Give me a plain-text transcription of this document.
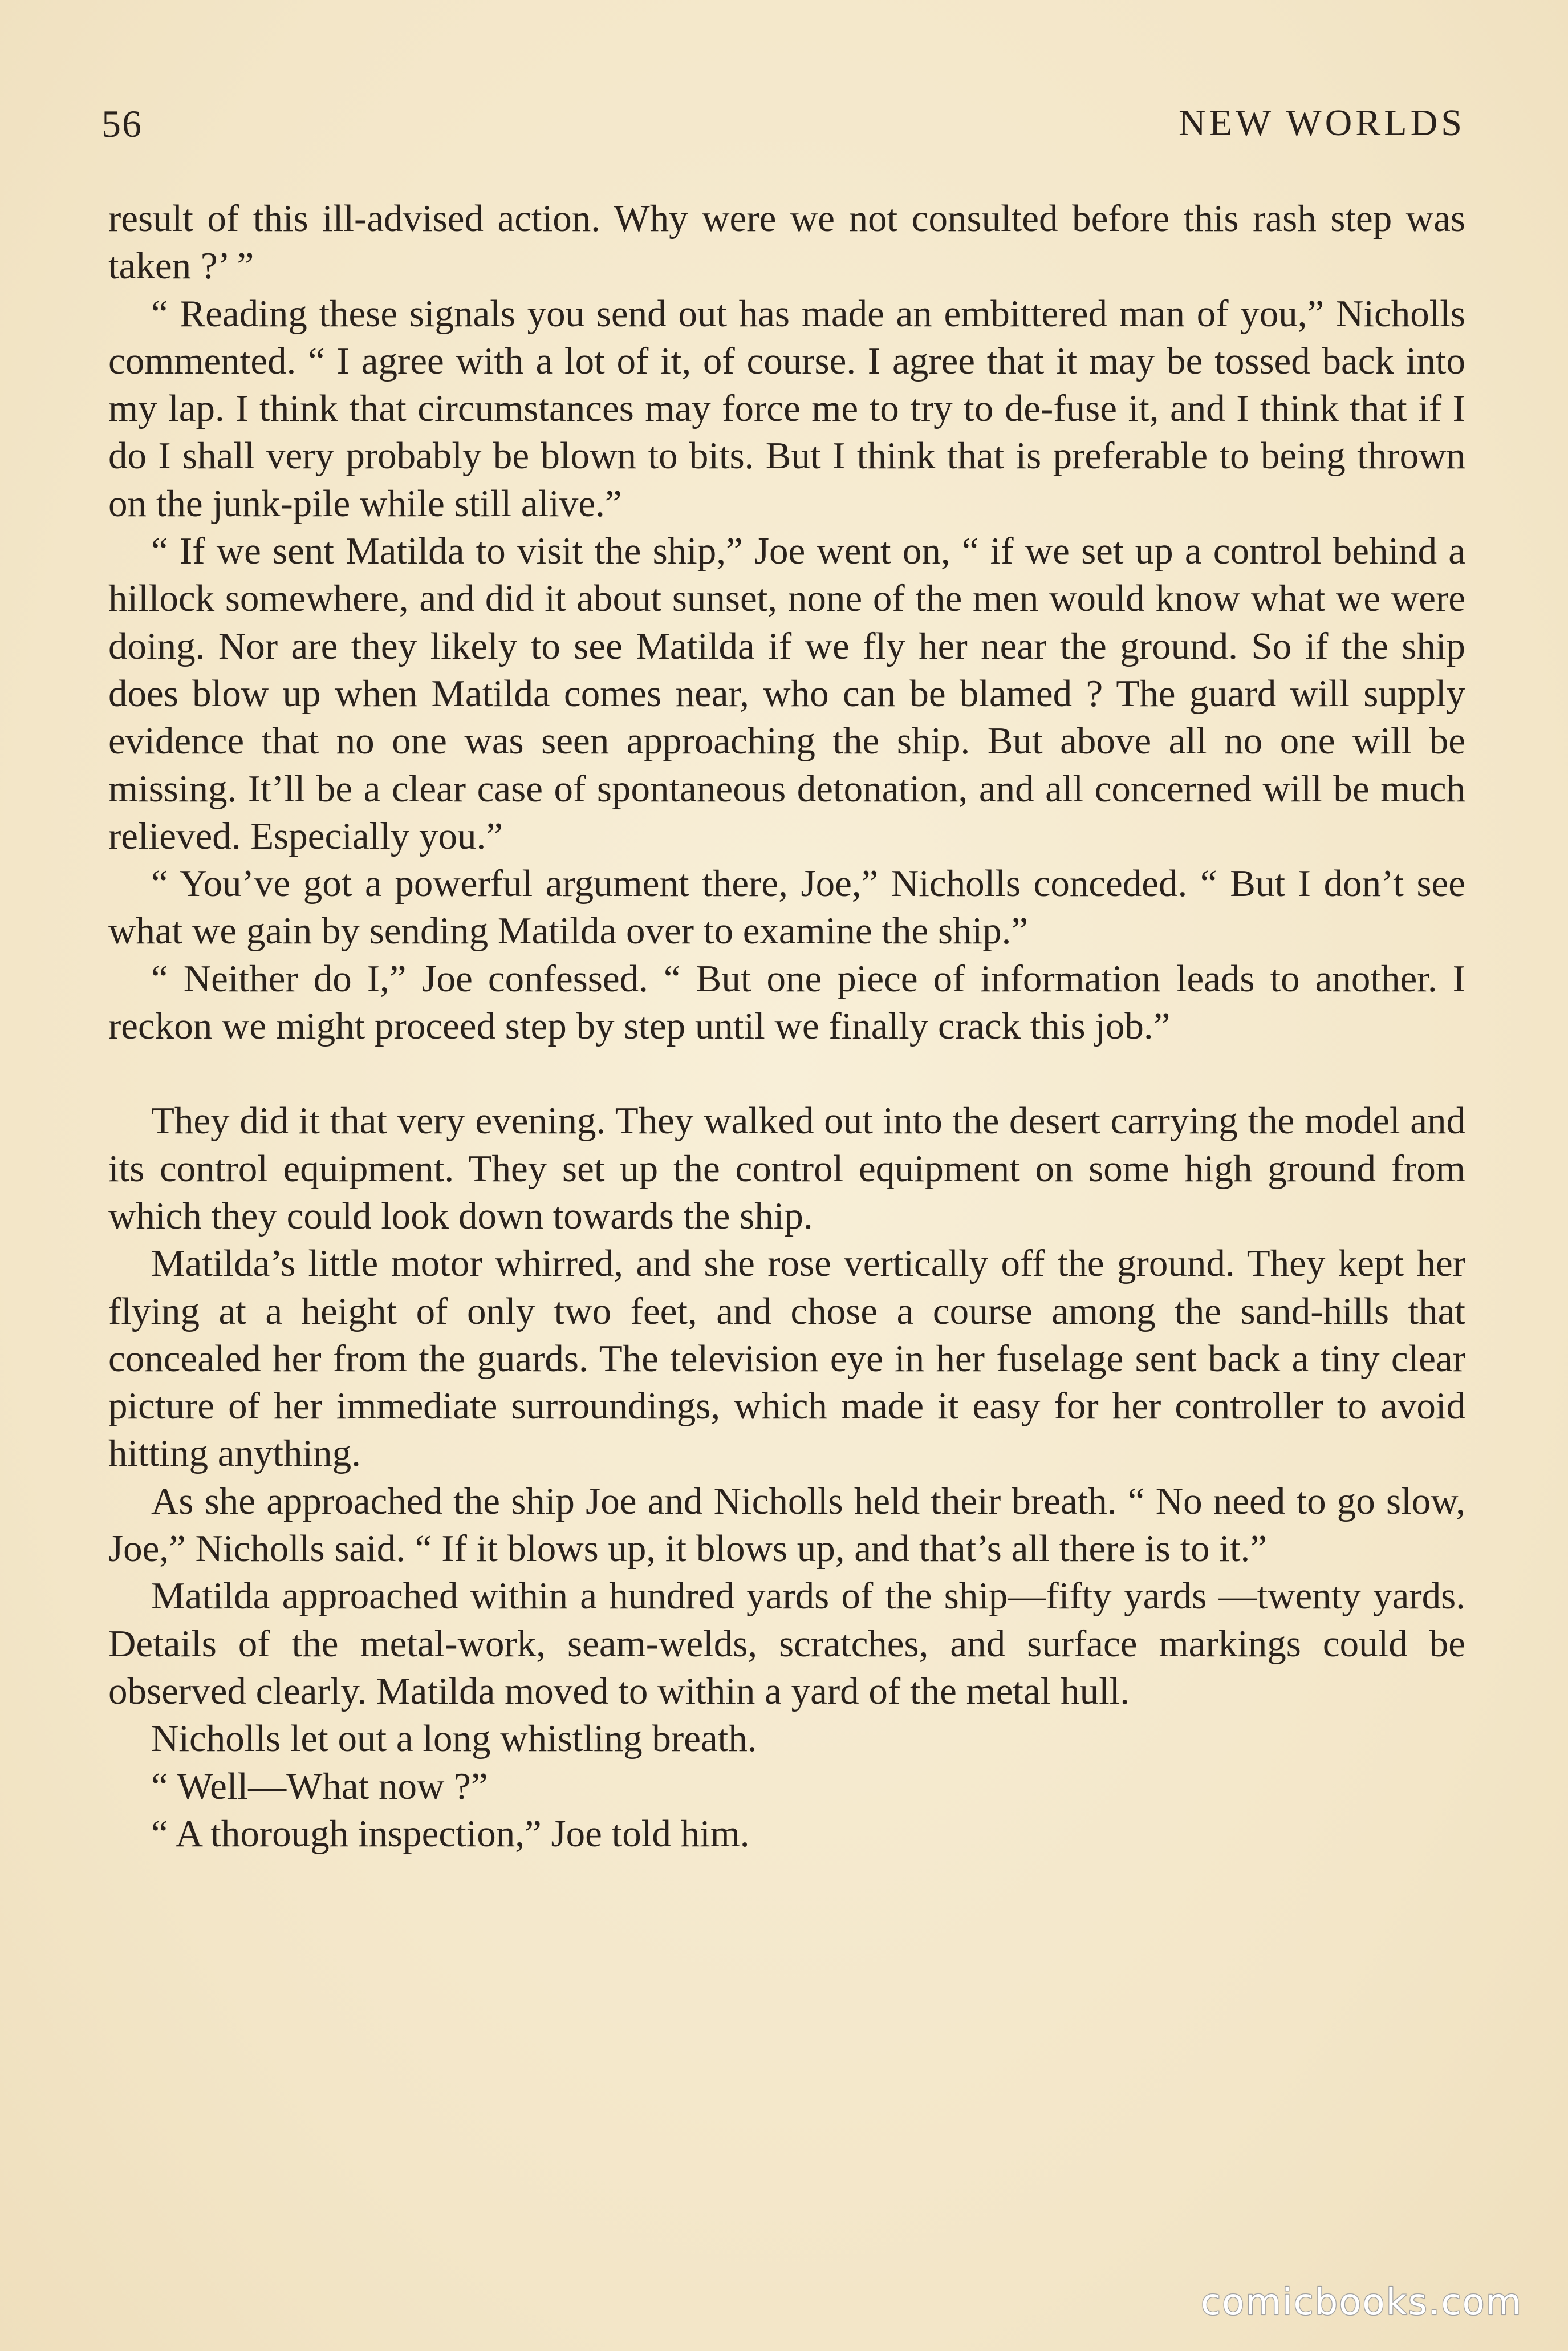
56	NEW WORLDS

result of this ill-advised action. Why were we not consulted before this rash step was taken ?’ ”

“ Reading these signals you send out has made an embittered man of you,” Nicholls commented. “ I agree with a lot of it, of course. I agree that it may be tossed back into my lap. I think that circumstances may force me to try to de-fuse it, and I think that if I do I shall very probably be blown to bits. But I think that is preferable to being thrown on the junk-pile while still alive.”

“ If we sent Matilda to visit the ship,” Joe went on, “ if we set up a control behind a hillock somewhere, and did it about sunset, none of the men would know what we were doing. Nor are they likely to see Matilda if we fly her near the ground. So if the ship does blow up when Matilda comes near, who can be blamed ? The guard will supply evidence that no one was seen approaching the ship. But above all no one will be missing. It’ll be a clear case of spontaneous detonation, and all concerned will be much relieved. Especially you.”

“ You’ve got a powerful argument there, Joe,” Nicholls conceded. “ But I don’t see what we gain by sending Matilda over to examine the ship.”

“ Neither do I,” Joe confessed. “ But one piece of information leads to another. I reckon we might proceed step by step until we finally crack this job.”

They did it that very evening. They walked out into the desert carrying the model and its control equipment. They set up the control equipment on some high ground from which they could look down towards the ship.

Matilda’s little motor whirred, and she rose vertically off the ground. They kept her flying at a height of only two feet, and chose a course among the sand-hills that concealed her from the guards. The television eye in her fuselage sent back a tiny clear picture of her immediate surroundings, which made it easy for her controller to avoid hitting anything.

As she approached the ship Joe and Nicholls held their breath. “ No need to go slow, Joe,” Nicholls said. “ If it blows up, it blows up, and that’s all there is to it.”

Matilda approached within a hundred yards of the ship—fifty yards —twenty yards. Details of the metal-work, seam-welds, scratches, and surface markings could be observed clearly. Matilda moved to within a yard of the metal hull.

Nicholls let out a long whistling breath.

“ Well—What now ?”

“ A thorough inspection,” Joe told him.

comicbooks.com
